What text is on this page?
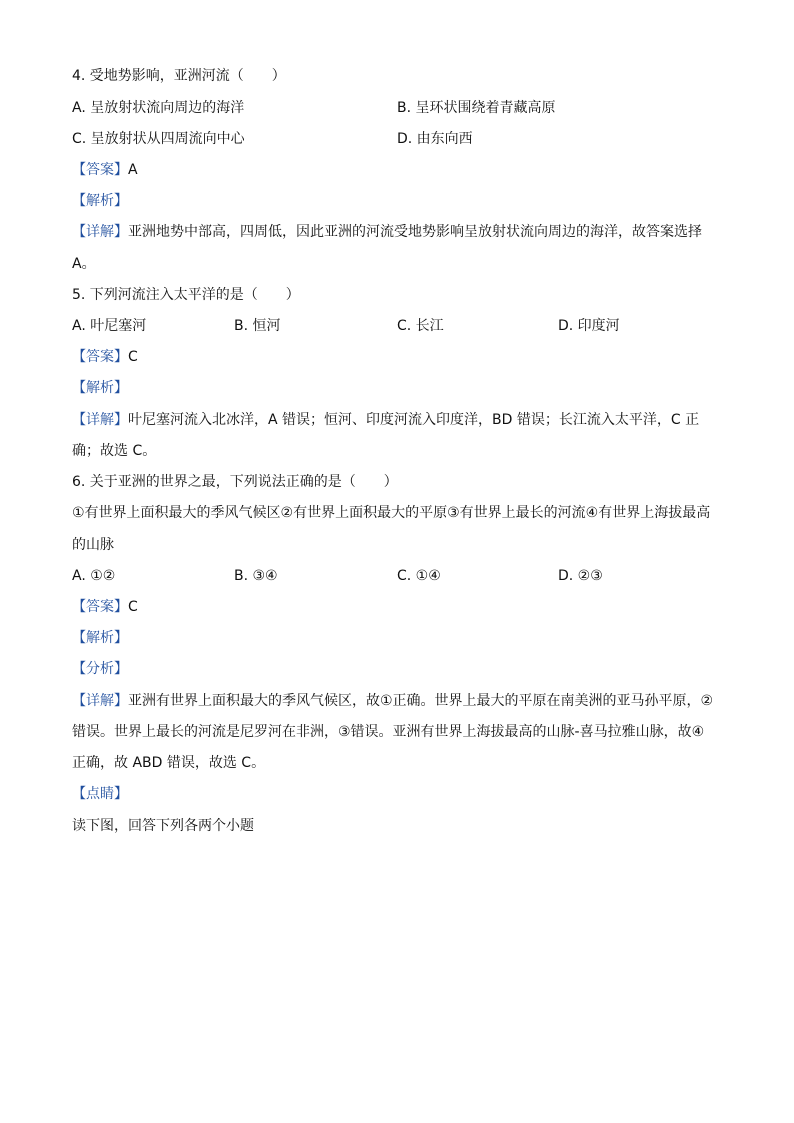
4. 受地势影响，亚洲河流（　　）
A. 呈放射状流向周边的海洋	B. 呈环状围绕着青藏高原
C. 呈放射状从四周流向中心	D. 由东向西
【答案】A
【解析】
【详解】亚洲地势中部高，四周低，因此亚洲的河流受地势影响呈放射状流向周边的海洋，故答案选择
A。
5. 下列河流注入太平洋的是（　　）
A. 叶尼塞河	B. 恒河	C. 长江	D. 印度河
【答案】C
【解析】
【详解】叶尼塞河流入北冰洋，A 错误；恒河、印度河流入印度洋，BD 错误；长江流入太平洋，C 正
确；故选 C。
6. 关于亚洲的世界之最，下列说法正确的是（　　）
①有世界上面积最大的季风气候区②有世界上面积最大的平原③有世界上最长的河流④有世界上海拔最高
的山脉
A. ①②	B. ③④	C. ①④	D. ②③
【答案】C
【解析】
【分析】
【详解】亚洲有世界上面积最大的季风气候区，故①正确。世界上最大的平原在南美洲的亚马孙平原，②
错误。世界上最长的河流是尼罗河在非洲，③错误。亚洲有世界上海拔最高的山脉-喜马拉雅山脉，故④
正确，故 ABD 错误，故选 C。
【点睛】
读下图，回答下列各两个小题
